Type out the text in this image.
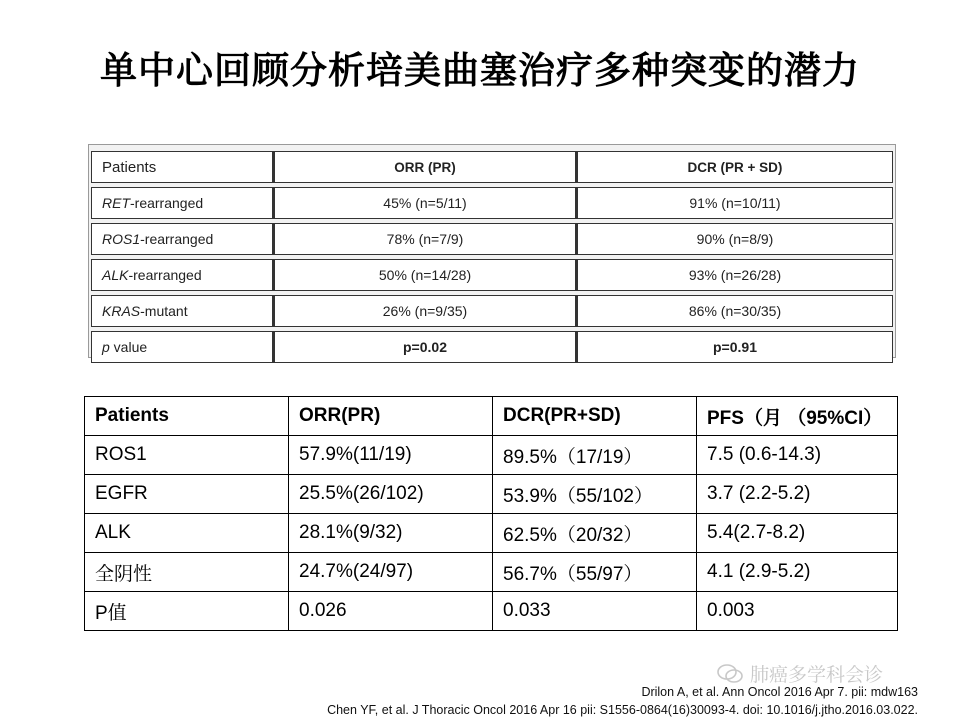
单中心回顾分析培美曲塞治疗多种突变的潜力
Patients	ORR (PR)	DCR (PR + SD)
RET-rearranged	45% (n=5/11)	91% (n=10/11)
ROS1-rearranged	78% (n=7/9)	90% (n=8/9)
ALK-rearranged	50% (n=14/28)	93% (n=26/28)
KRAS-mutant	26% (n=9/35)	86% (n=30/35)
p value	p=0.02	p=0.91
Patients	ORR(PR)	DCR(PR+SD)	PFS（月 （95%CI）
ROS1	57.9%(11/19)	89.5%（17/19）	7.5 (0.6-14.3)
EGFR	25.5%(26/102)	53.9%（55/102）	3.7 (2.2-5.2)
ALK	28.1%(9/32)	62.5%（20/32）	5.4(2.7-8.2)
全阴性	24.7%(24/97)	56.7%（55/97）	4.1 (2.9-5.2)
P值	0.026	0.033	0.003
肺癌多学科会诊
Drilon A, et al. Ann Oncol 2016 Apr 7. pii: mdw163
Chen YF, et al. J Thoracic Oncol 2016 Apr 16 pii: S1556-0864(16)30093-4. doi: 10.1016/j.jtho.2016.03.022.
